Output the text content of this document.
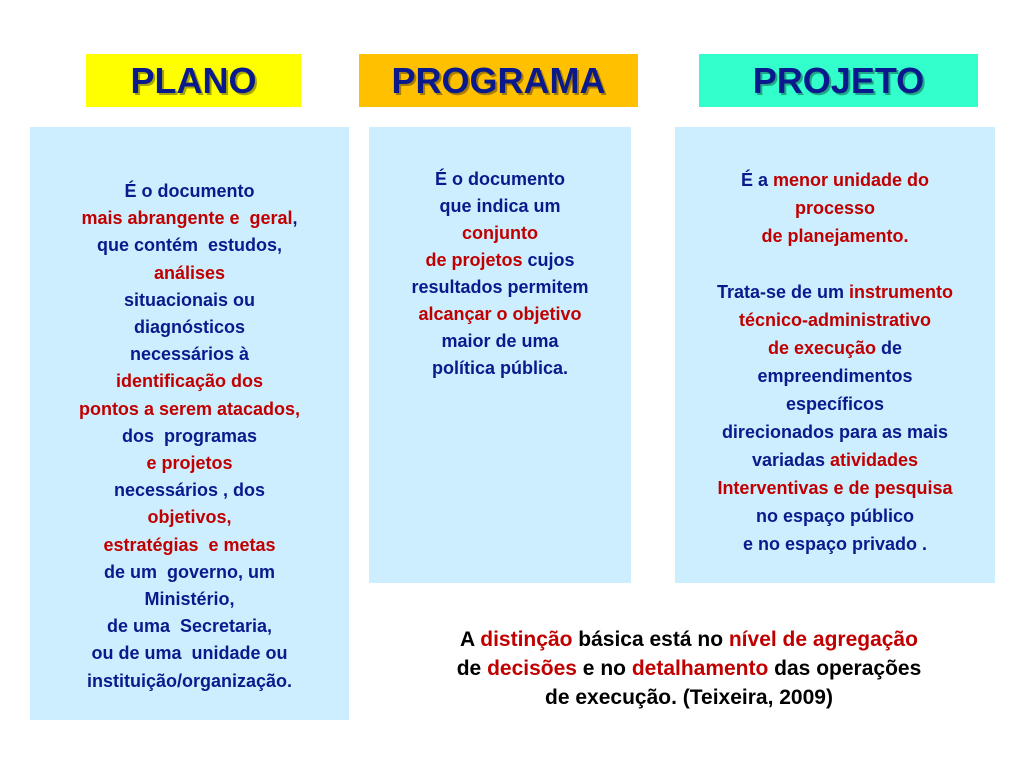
PLANO	PROGRAMA	PROJETO
É o documento
mais abrangente e  geral,
que contém  estudos,
análises
situacionais ou
diagnósticos
necessários à
identificação dos
pontos a serem atacados,
dos  programas
e projetos
necessários , dos
objetivos,
estratégias  e metas
de um  governo, um
Ministério,
de uma  Secretaria,
ou de uma  unidade ou
instituição/organização.
É o documento
que indica um
conjunto
de projetos cujos
resultados permitem
alcançar o objetivo
maior de uma
política pública.
É a menor unidade do
processo
de planejamento.

Trata-se de um instrumento
técnico-administrativo
de execução de
empreendimentos
específicos
direcionados para as mais
variadas atividades
Interventivas e de pesquisa
no espaço público
e no espaço privado .
A distinção básica está no nível de agregação
de decisões e no detalhamento das operações
de execução. (Teixeira, 2009)
